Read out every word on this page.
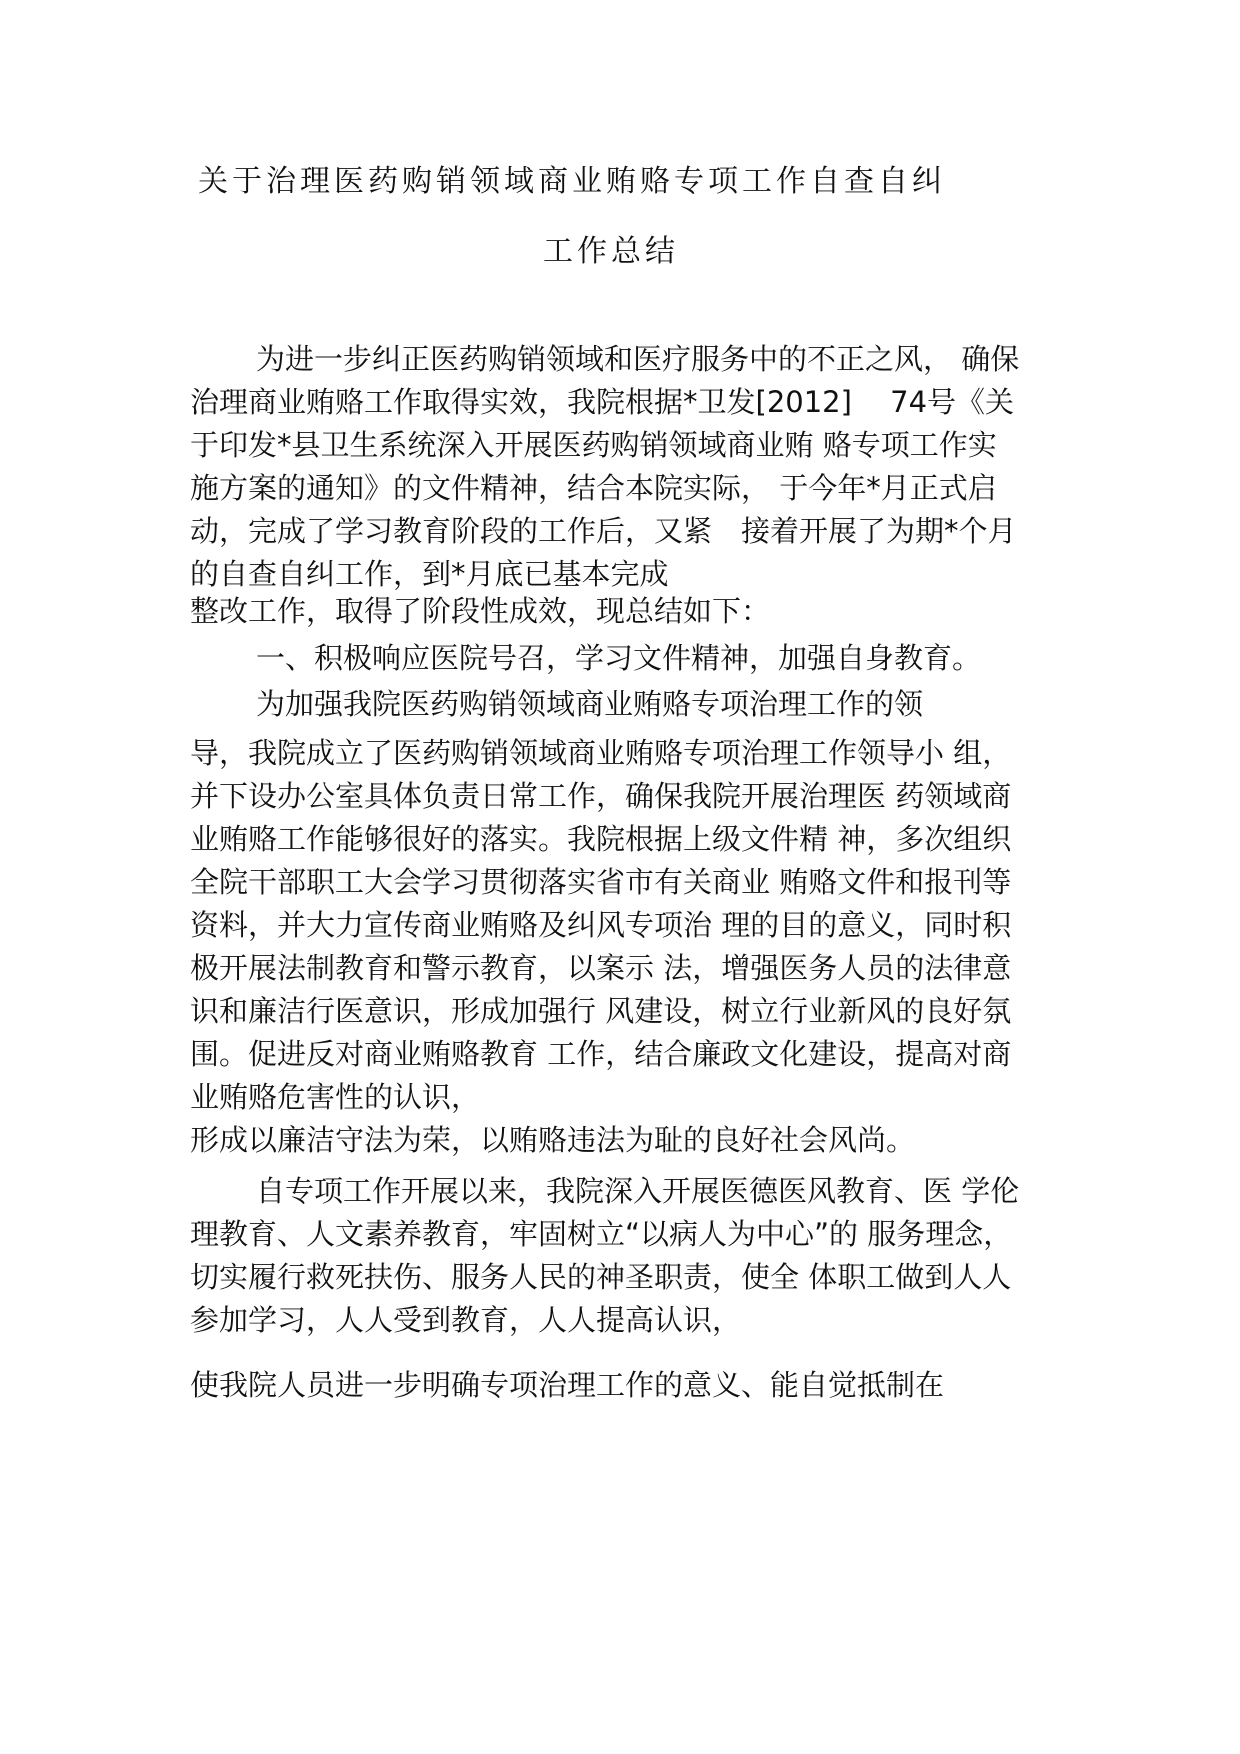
关于治理医药购销领域商业贿赂专项工作自查自纠
工作总结
为进一步纠正医药购销领域和医疗服务中的不正之风， 确保
治理商业贿赂工作取得实效，我院根据*卫发[2012]　 74号《关
于印发*县卫生系统深入开展医药购销领域商业贿 赂专项工作实
施方案的通知》的文件精神，结合本院实际， 于今年*月正式启
动，完成了学习教育阶段的工作后，又紧　接着开展了为期*个月
的自查自纠工作，到*月底已基本完成
整改工作，取得了阶段性成效，现总结如下：
一、积极响应医院号召，学习文件精神，加强自身教育。
为加强我院医药购销领域商业贿赂专项治理工作的领
导，我院成立了医药购销领域商业贿赂专项治理工作领导小 组，
并下设办公室具体负责日常工作，确保我院开展治理医 药领域商
业贿赂工作能够很好的落实。我院根据上级文件精 神，多次组织
全院干部职工大会学习贯彻落实省市有关商业 贿赂文件和报刊等
资料，并大力宣传商业贿赂及纠风专项治 理的目的意义，同时积
极开展法制教育和警示教育，以案示 法，增强医务人员的法律意
识和廉洁行医意识，形成加强行 风建设，树立行业新风的良好氛
围。促进反对商业贿赂教育 工作，结合廉政文化建设，提高对商
业贿赂危害性的认识，
形成以廉洁守法为荣，以贿赂违法为耻的良好社会风尚。
自专项工作开展以来，我院深入开展医德医风教育、医 学伦
理教育、人文素养教育，牢固树立“以病人为中心”的 服务理念，
切实履行救死扶伤、服务人民的神圣职责，使全 体职工做到人人
参加学习，人人受到教育，人人提高认识，
使我院人员进一步明确专项治理工作的意义、能自觉抵制在
